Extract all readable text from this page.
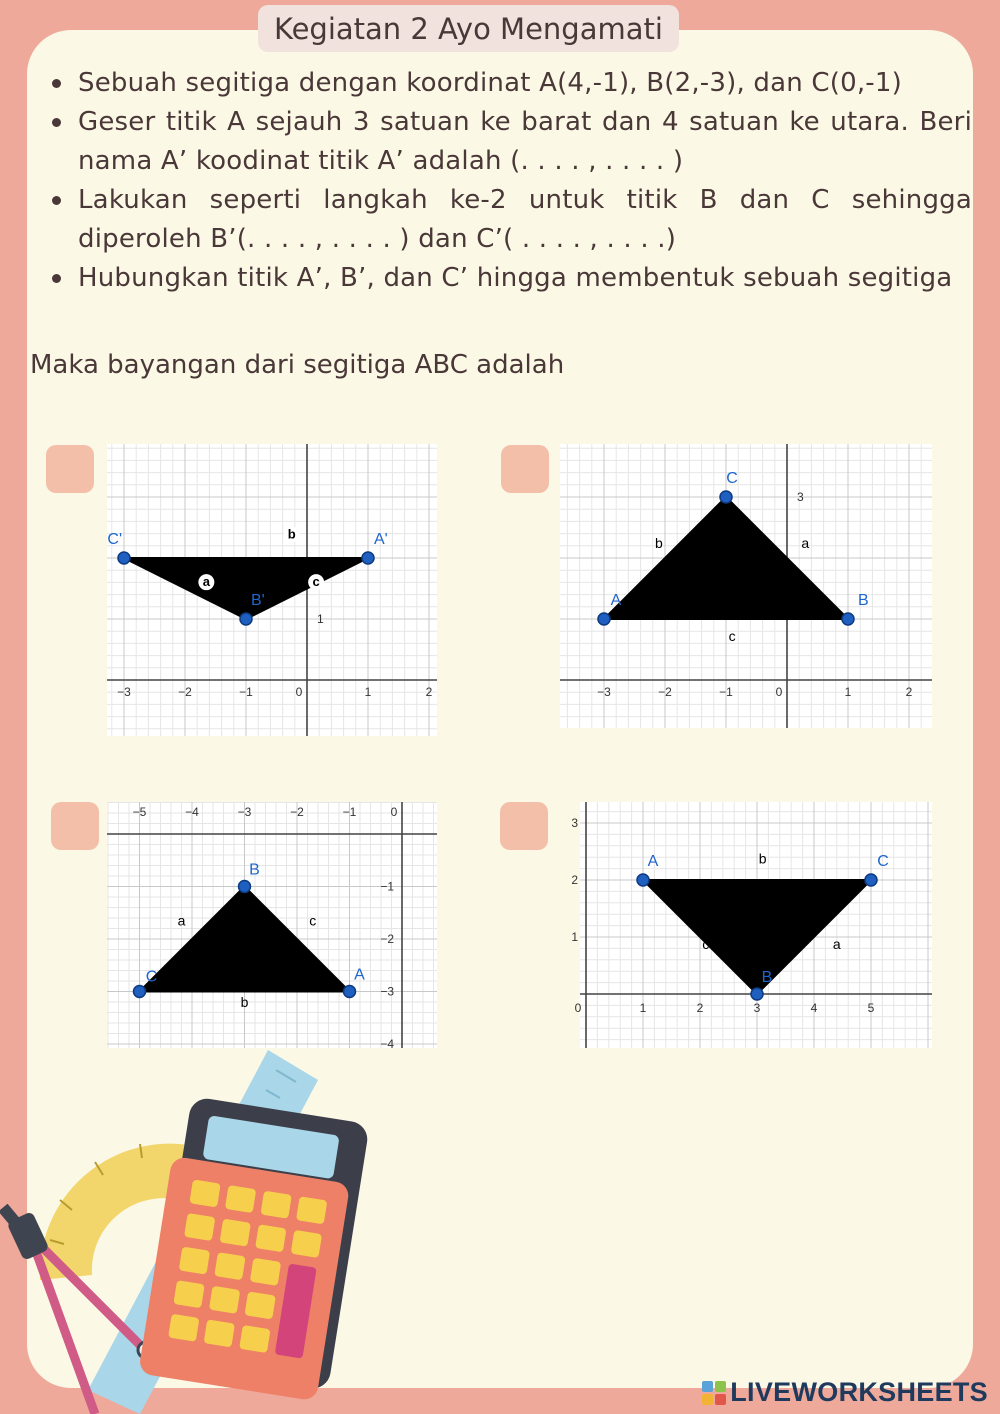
Kegiatan 2 Ayo Mengamati
Sebuah segitiga dengan koordinat A(4,-1), B(2,-3), dan C(0,-1)
Geser titik A sejauh 3 satuan ke barat dan 4 satuan ke utara. Beri nama A’ koodinat titik A’ adalah (. . . . , . . . . )
Lakukan seperti langkah ke-2 untuk titik B dan C sehingga diperoleh B’(. . . . , . . . . ) dan C’( . . . . , . . . .)
Hubungkan titik A’, B’, dan C’ hingga membentuk sebuah segitiga
Maka bayangan dari segitiga ABC adalah
−3	−2	−1	0	1	2
1
b
a	c
C'	A'
B'
−3	−2	−1	0	1	2
3
b	a
c
C
A	B
−5	−4	−3	−2	−1	0
−1
−2
−3
−4
a	c
b
B
C	A
0	1	2	3	4	5
3
2
1
b
c	a
A	C
B
LIVEWORKSHEETS
